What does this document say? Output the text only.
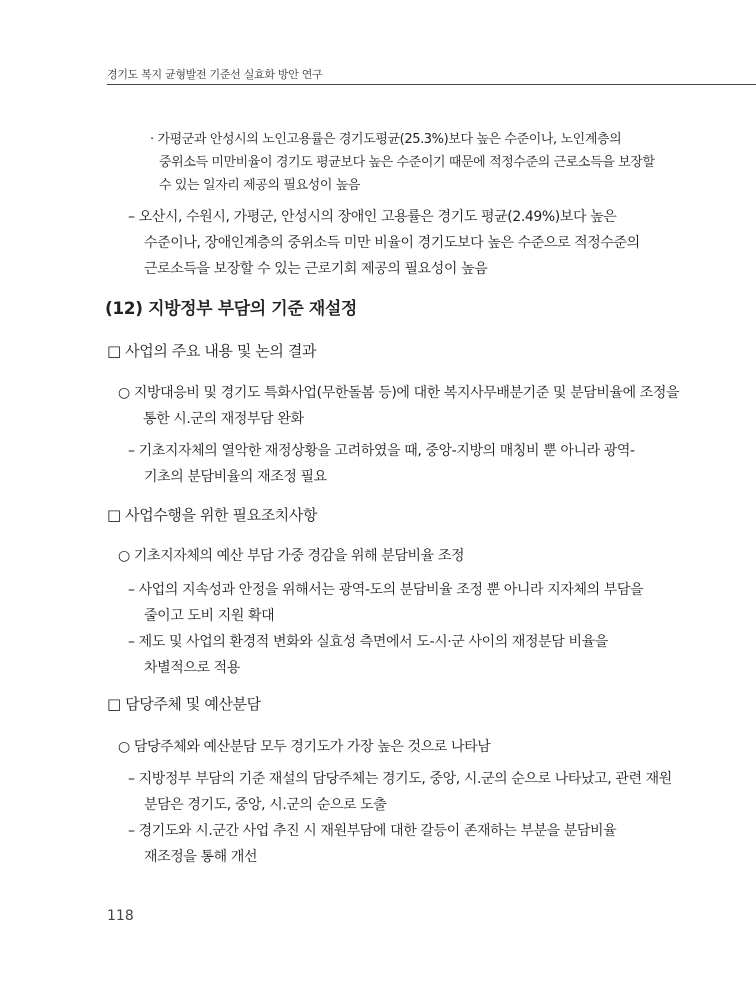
경기도 복지 균형발전 기준선 실효화 방안 연구

· 가평군과 안성시의 노인고용률은 경기도평균(25.3%)보다 높은 수준이나, 노인계층의 중위소득 미만비율이 경기도 평균보다 높은 수준이기 때문에 적정수준의 근로소득을 보장할 수 있는 일자리 제공의 필요성이 높음

– 오산시, 수원시, 가평군, 안성시의 장애인 고용률은 경기도 평균(2.49%)보다 높은 수준이나, 장애인계층의 중위소득 미만 비율이 경기도보다 높은 수준으로 적정수준의 근로소득을 보장할 수 있는 근로기회 제공의 필요성이 높음

(12) 지방정부 부담의 기준 재설정

□ 사업의 주요 내용 및 논의 결과

○ 지방대응비 및 경기도 특화사업(무한돌봄 등)에 대한 복지사무배분기준 및 분담비율에 조정을 통한 시.군의 재정부담 완화

– 기초지자체의 열악한 재정상황을 고려하였을 때, 중앙-지방의 매칭비 뿐 아니라 광역-기초의 분담비율의 재조정 필요

□ 사업수행을 위한 필요조치사항

○ 기초지자체의 예산 부담 가중 경감을 위해 분담비율 조정

– 사업의 지속성과 안정을 위해서는 광역-도의 분담비율 조정 뿐 아니라 지자체의 부담을 줄이고 도비 지원 확대

– 제도 및 사업의 환경적 변화와 실효성 측면에서 도-시·군 사이의 재정분담 비율을 차별적으로 적용

□ 담당주체 및 예산분담

○ 담당주체와 예산분담 모두 경기도가 가장 높은 것으로 나타남

– 지방정부 부담의 기준 재설의 담당주체는 경기도, 중앙, 시.군의 순으로 나타났고, 관련 재원 분담은 경기도, 중앙, 시.군의 순으로 도출

– 경기도와 시.군간 사업 추진 시 재원부담에 대한 갈등이 존재하는 부분을 분담비율 재조정을 통해 개선

118
